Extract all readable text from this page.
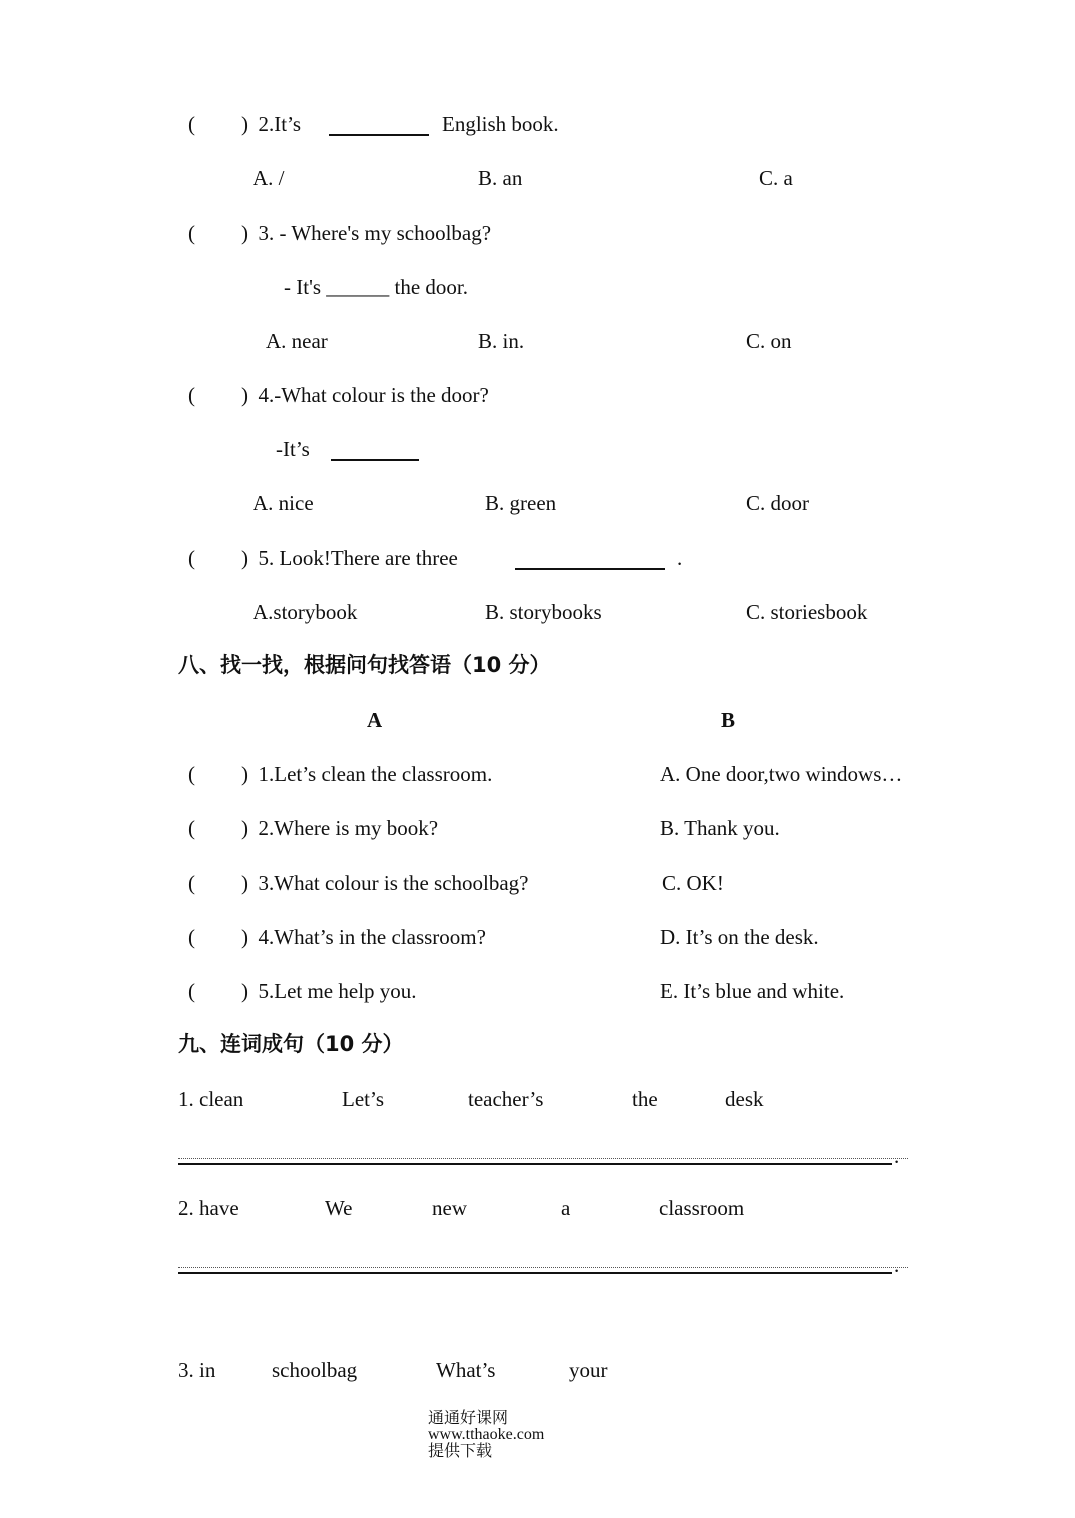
( )  2.It’s	English book.
A. /	B. an	C. a
( )  3. - Where's my schoolbag?
- It's ______ the door.
A. near	B. in.	C. on
( )  4.-What colour is the door?
-It’s
A. nice	B. green	C. door
( )  5. Look!There are three	.
A.storybook	B. storybooks	C. storiesbook
八、找一找，根据问句找答语（10 分）
A	B
( )  1.Let’s clean the classroom.	A. One door,two windows…
( )  2.Where is my book?	B. Thank you.
( )  3.What colour is the schoolbag?	C. OK!
( )  4.What’s in the classroom?	D. It’s on the desk.
( )  5.Let me help you.	E. It’s blue and white.
九、连词成句（10 分）
1. clean	Let’s	teacher’s	the	desk
.
2. have	We	new	a	classroom
.
3. in	schoolbag	What’s	your

通通好课网
www.tthaoke.com
提供下载
